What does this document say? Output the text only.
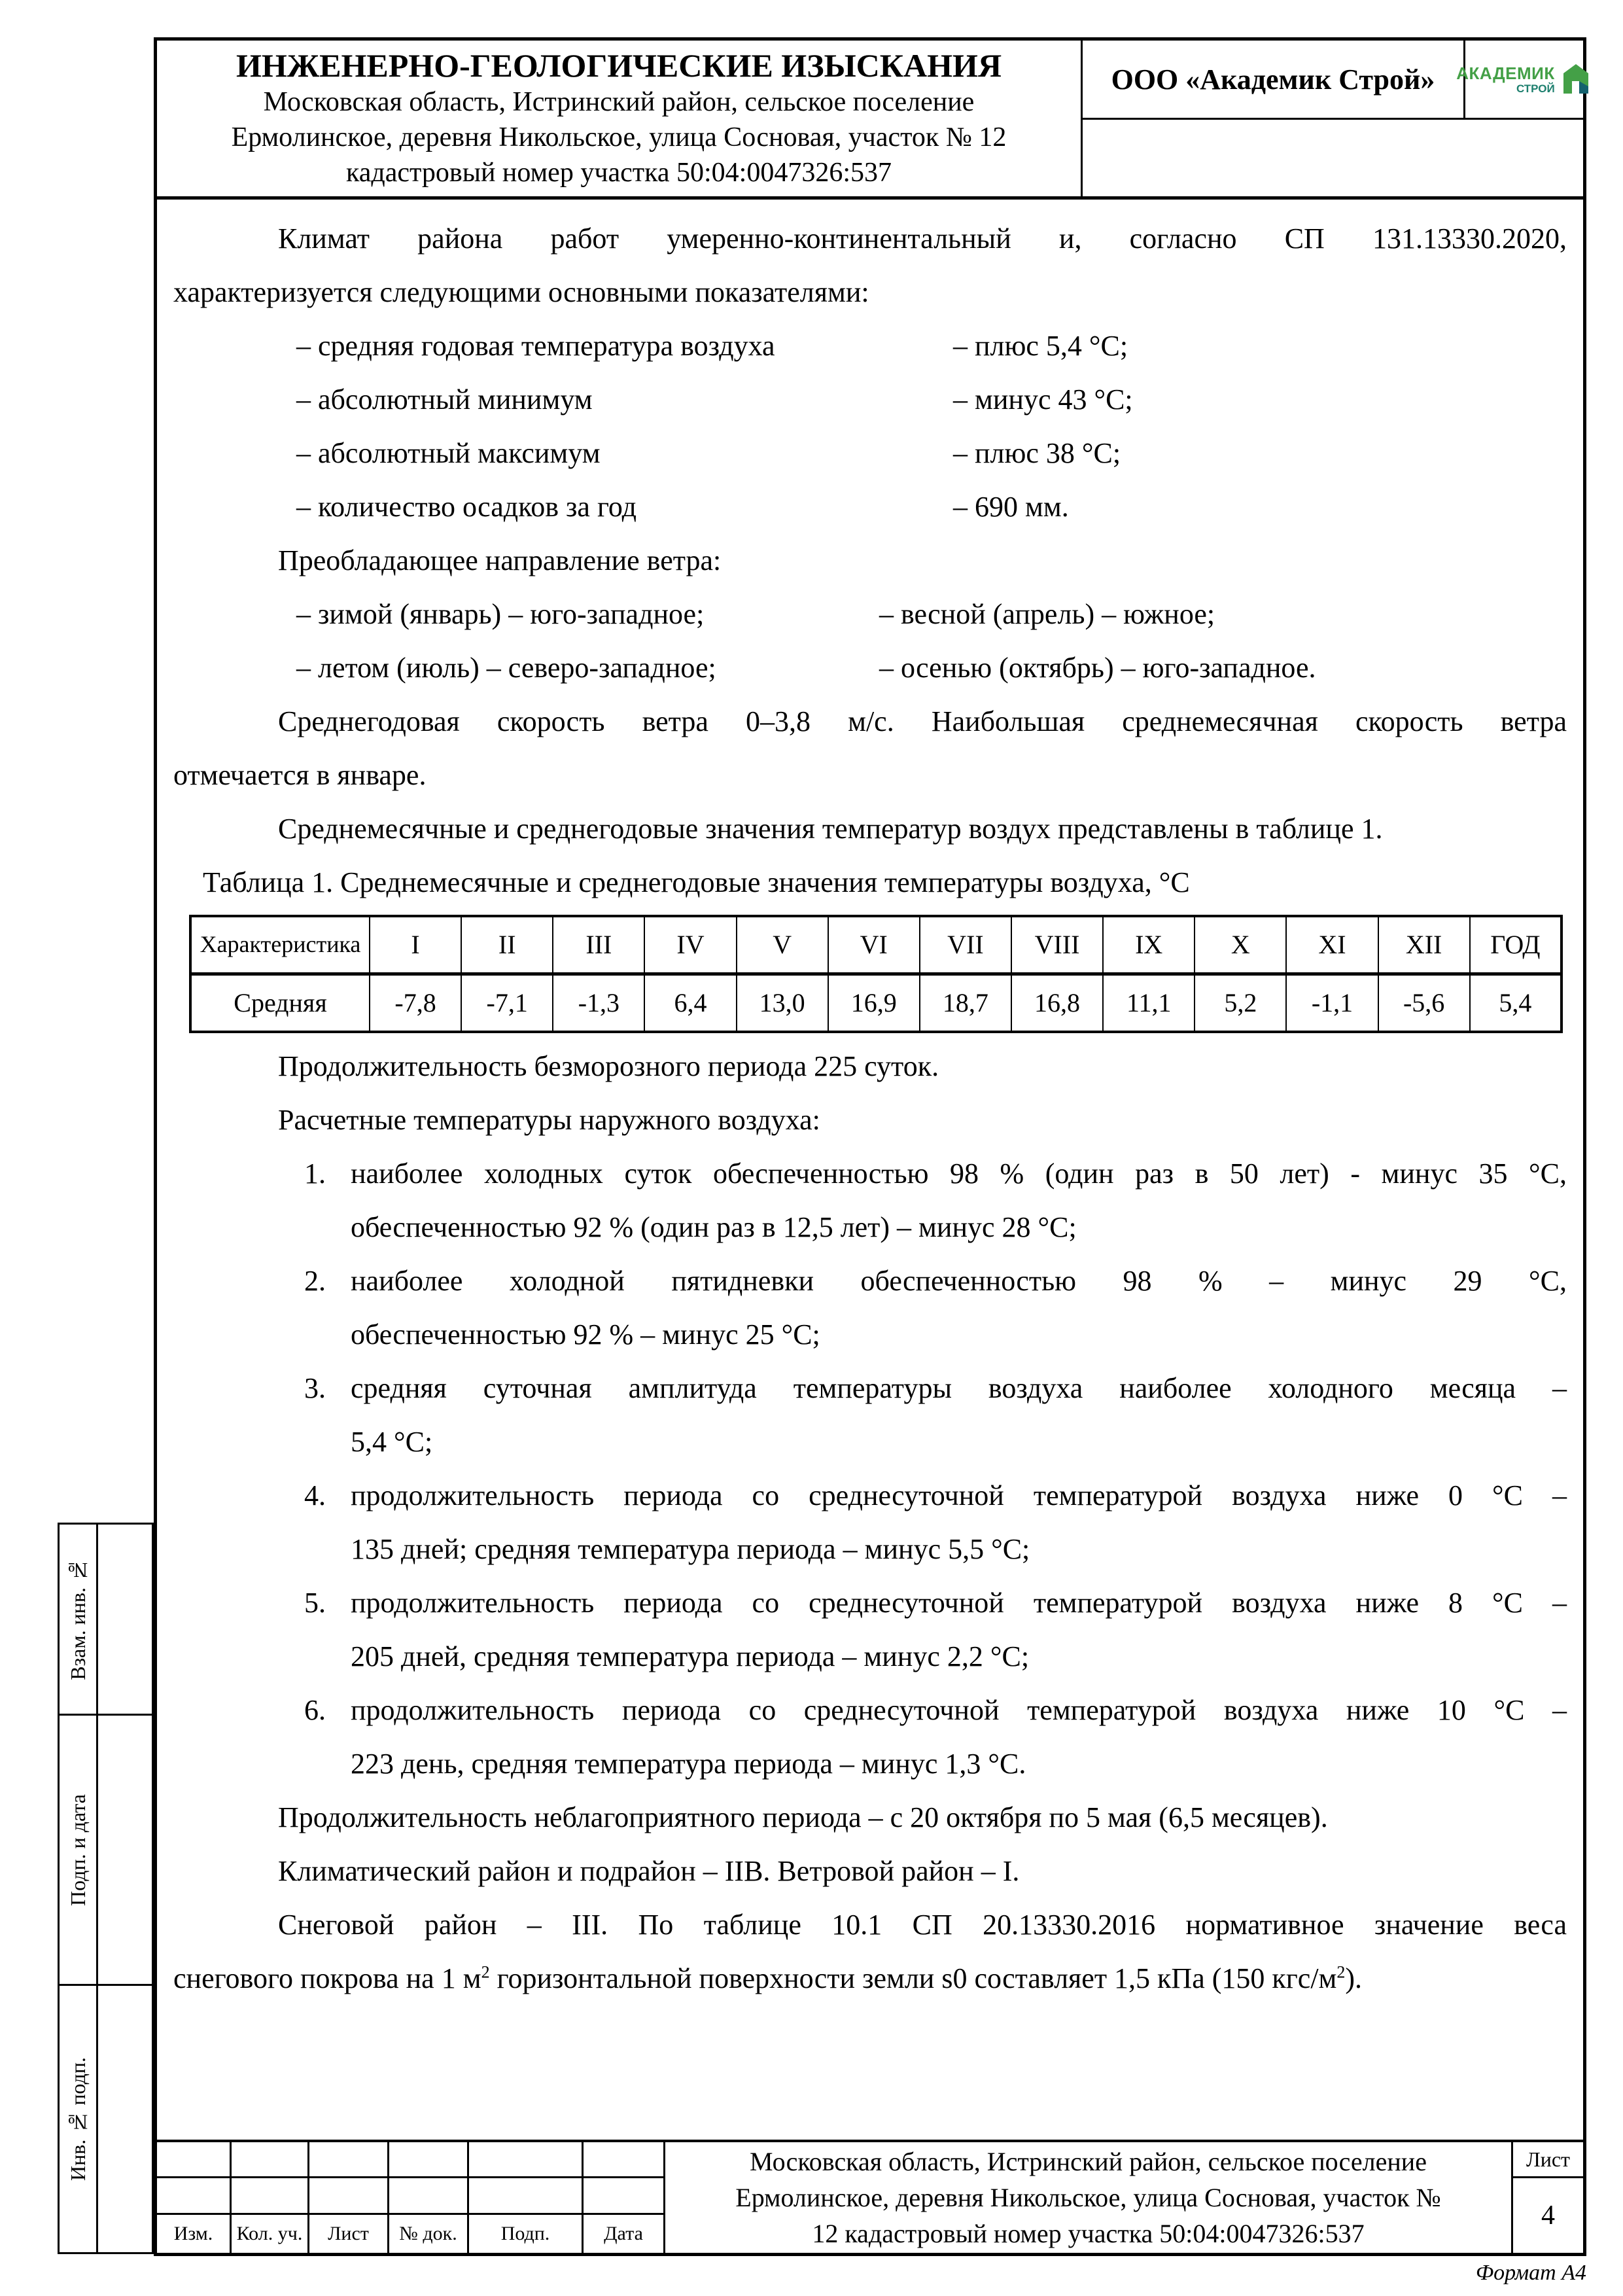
Взам. инв. №
Подп. и дата
Инв. № подп.
ИНЖЕНЕРНО-ГЕОЛОГИЧЕСКИЕ ИЗЫСКАНИЯ
Московская область, Истринский район, сельское поселение
Ермолинское, деревня Никольское, улица Сосновая, участок № 12
кадастровый номер участка 50:04:0047326:537
ООО «Академик Строй»	АКАДЕМИК
СТРОЙ

Климат района работ умеренно-континентальный и, согласно СП 131.13330.2020,
характеризуется следующими основными показателями:

– средняя годовая температура воздуха	– плюс 5,4 °С;
– абсолютный минимум	– минус 43 °С;
– абсолютный максимум	– плюс 38 °С;
– количество осадков за год	– 690 мм.

Преобладающее направление ветра:

– зимой (январь) – юго-западное;	– весной (апрель) – южное;
– летом (июль) – северо-западное;	– осенью (октябрь) – юго-западное.

Среднегодовая скорость ветра 0–3,8 м/с. Наибольшая среднемесячная скорость ветра
отмечается в январе.

Среднемесячные и среднегодовые значения температур воздух представлены в таблице 1.

Таблица 1. Среднемесячные и среднегодовые значения температуры воздуха, °С

Характеристика	I	II	III	IV	V	VI	VII	VIII	IX	X	XI	XII	ГОД
Средняя	-7,8	-7,1	-1,3	6,4	13,0	16,9	18,7	16,8	11,1	5,2	-1,1	-5,6	5,4

Продолжительность безморозного периода 225 суток.

Расчетные температуры наружного воздуха:

1. наиболее холодных суток обеспеченностью 98 % (один раз в 50 лет) - минус 35 °С,
обеспеченностью 92 % (один раз в 12,5 лет) – минус 28 °С;
2. наиболее холодной пятидневки обеспеченностью 98 % – минус 29 °С,
обеспеченностью 92 % – минус 25 °С;
3. средняя суточная амплитуда температуры воздуха наиболее холодного месяца –
5,4 °С;
4. продолжительность периода со среднесуточной температурой воздуха ниже 0 °С –
135 дней; средняя температура периода – минус 5,5 °С;
5. продолжительность периода со среднесуточной температурой воздуха ниже 8 °С –
205 дней, средняя температура периода – минус 2,2 °С;
6. продолжительность периода со среднесуточной температурой воздуха ниже 10 °С –
223 день, средняя температура периода – минус 1,3 °С.

Продолжительность неблагоприятного периода – с 20 октября по 5 мая (6,5 месяцев).

Климатический район и подрайон – IIВ. Ветровой район – I.

Снеговой район – III. По таблице 10.1 СП 20.13330.2016 нормативное значение веса
снегового покрова на 1 $м^2$ горизонтальной поверхности земли s0 составляет 1,5 кПа (150 кгс/$м^2$).

Изм.	Кол. уч.	Лист	№ док.	Подп.	Дата
Московская область, Истринский район, сельское поселение
Ермолинское, деревня Никольское, улица Сосновая, участок №
12 кадастровый номер участка 50:04:0047326:537
Лист
4
Формат А4
